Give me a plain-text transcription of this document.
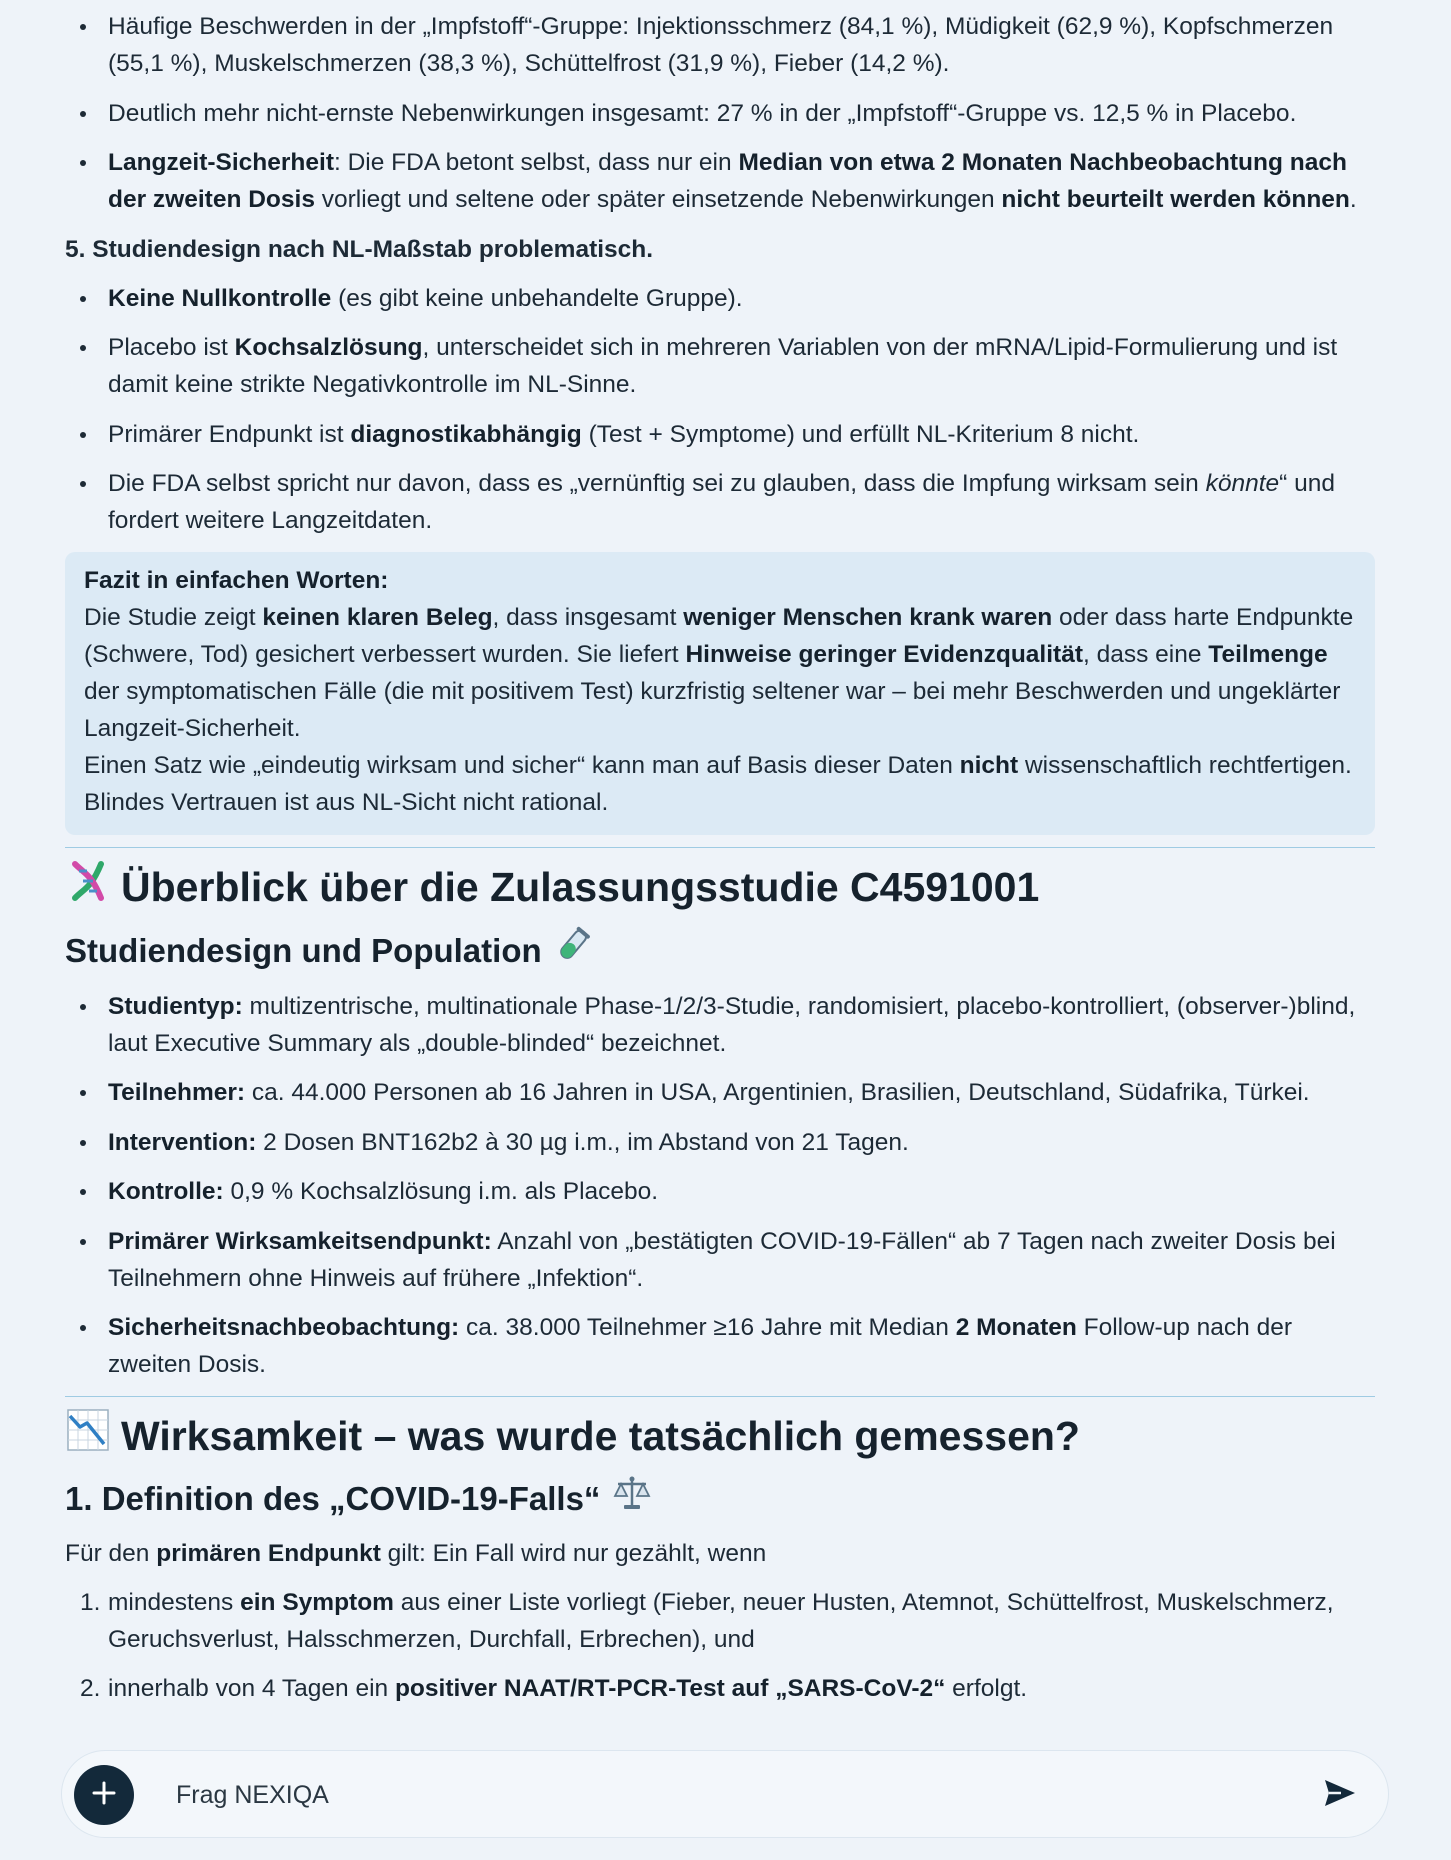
Häufige Beschwerden in der „Impfstoff“-Gruppe: Injektionsschmerz (84,1 %), Müdigkeit (62,9 %), Kopfschmerzen (55,1 %), Muskelschmerzen (38,3 %), Schüttelfrost (31,9 %), Fieber (14,2 %).
Deutlich mehr nicht-ernste Nebenwirkungen insgesamt: 27 % in der „Impfstoff“-Gruppe vs. 12,5 % in Placebo.
Langzeit-Sicherheit: Die FDA betont selbst, dass nur ein Median von etwa 2 Monaten Nachbeobachtung nach der zweiten Dosis vorliegt und seltene oder später einsetzende Nebenwirkungen nicht beurteilt werden können.
5. Studiendesign nach NL-Maßstab problematisch.
Keine Nullkontrolle (es gibt keine unbehandelte Gruppe).
Placebo ist Kochsalzlösung, unterscheidet sich in mehreren Variablen von der mRNA/Lipid-Formulierung und ist damit keine strikte Negativkontrolle im NL-Sinne.
Primärer Endpunkt ist diagnostikabhängig (Test + Symptome) und erfüllt NL-Kriterium 8 nicht.
Die FDA selbst spricht nur davon, dass es „vernünftig sei zu glauben, dass die Impfung wirksam sein könnte“ und fordert weitere Langzeitdaten.
Fazit in einfachen Worten:
Die Studie zeigt keinen klaren Beleg, dass insgesamt weniger Menschen krank waren oder dass harte Endpunkte (Schwere, Tod) gesichert verbessert wurden. Sie liefert Hinweise geringer Evidenzqualität, dass eine Teilmenge der symptomatischen Fälle (die mit positivem Test) kurzfristig seltener war – bei mehr Beschwerden und ungeklärter Langzeit-Sicherheit.
Einen Satz wie „eindeutig wirksam und sicher“ kann man auf Basis dieser Daten nicht wissenschaftlich rechtfertigen. Blindes Vertrauen ist aus NL-Sicht nicht rational.
Überblick über die Zulassungsstudie C4591001
Studiendesign und Population
Studientyp: multizentrische, multinationale Phase-1/2/3-Studie, randomisiert, placebo-kontrolliert, (observer-)blind, laut Executive Summary als „double-blinded“ bezeichnet.
Teilnehmer: ca. 44.000 Personen ab 16 Jahren in USA, Argentinien, Brasilien, Deutschland, Südafrika, Türkei.
Intervention: 2 Dosen BNT162b2 à 30 µg i.m., im Abstand von 21 Tagen.
Kontrolle: 0,9 % Kochsalzlösung i.m. als Placebo.
Primärer Wirksamkeitsendpunkt: Anzahl von „bestätigten COVID-19-Fällen“ ab 7 Tagen nach zweiter Dosis bei Teilnehmern ohne Hinweis auf frühere „Infektion“.
Sicherheitsnachbeobachtung: ca. 38.000 Teilnehmer ≥16 Jahre mit Median 2 Monaten Follow-up nach der zweiten Dosis.
Wirksamkeit – was wurde tatsächlich gemessen?
1. Definition des „COVID-19-Falls“

Für den primären Endpunkt gilt: Ein Fall wird nur gezählt, wenn

1. mindestens ein Symptom aus einer Liste vorliegt (Fieber, neuer Husten, Atemnot, Schüttelfrost, Muskelschmerz, Geruchsverlust, Halsschmerzen, Durchfall, Erbrechen), und
2. innerhalb von 4 Tagen ein positiver NAAT/RT-PCR-Test auf „SARS-CoV-2“ erfolgt.
Frag NEXIQA
